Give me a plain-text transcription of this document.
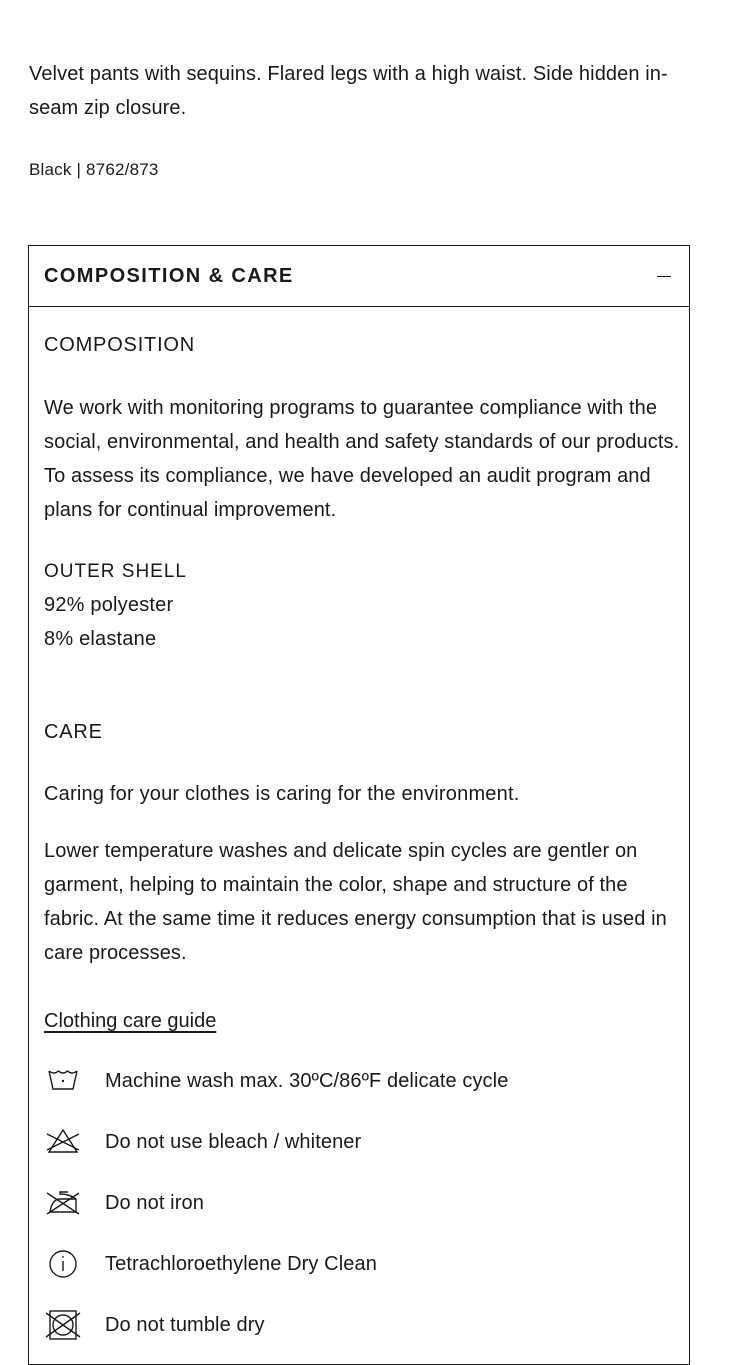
Velvet pants with sequins. Flared legs with a high waist. Side hidden in-seam zip closure.

Black | 8762/873

COMPOSITION & CARE
COMPOSITION

We work with monitoring programs to guarantee compliance with the social, environmental, and health and safety standards of our products. To assess its compliance, we have developed an audit program and plans for continual improvement.

OUTER SHELL
92% polyester
8% elastane
CARE
Caring for your clothes is caring for the environment.

Lower temperature washes and delicate spin cycles are gentler on garment, helping to maintain the color, shape and structure of the fabric. At the same time it reduces energy consumption that is used in care processes.

Clothing care guide
Machine wash max. 30ºC/86ºF delicate cycle
Do not use bleach / whitener
Do not iron
Tetrachloroethylene Dry Clean
Do not tumble dry
